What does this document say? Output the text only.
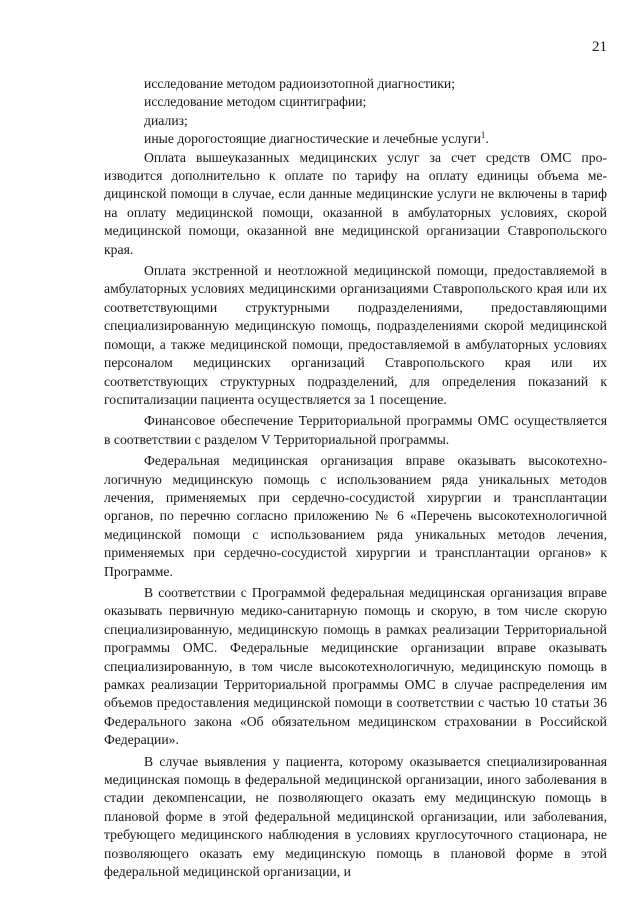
21

исследование методом радиоизотопной диагностики;

исследование методом сцинтиграфии;

диализ;

иные дорогостоящие диагностические и лечебные услуги$^1$.

Оплата вышеуказанных медицинских услуг за счет средств ОМС производится дополнительно к оплате по тарифу на оплату единицы объема медицинской помощи в случае, если данные медицинские услуги не включены в тариф на оплату медицинской помощи, оказанной в амбулаторных условиях, скорой медицинской помощи, оказанной вне медицинской организации Ставропольского края.

Оплата экстренной и неотложной медицинской помощи, предоставляемой в амбулаторных условиях медицинскими организациями Ставропольского края или их соответствующими структурными подразделениями, предоставляющими специализированную медицинскую помощь, подразделениями скорой медицинской помощи, а также медицинской помощи, предоставляемой в амбулаторных условиях персоналом медицинских организаций Ставропольского края или их соответствующих структурных подразделений, для определения показаний к госпитализации пациента осуществляется за 1 посещение.

Финансовое обеспечение Территориальной программы ОМС осуществляется в соответствии с разделом V Территориальной программы.

Федеральная медицинская организация вправе оказывать высокотехнологичную медицинскую помощь с использованием ряда уникальных методов лечения, применяемых при сердечно-сосудистой хирургии и трансплантации органов, по перечню согласно приложению № 6 «Перечень высокотехнологичной медицинской помощи с использованием ряда уникальных методов лечения, применяемых при сердечно-сосудистой хирургии и трансплантации органов» к Программе.

В соответствии с Программой федеральная медицинская организация вправе оказывать первичную медико-санитарную помощь и скорую, в том числе скорую специализированную, медицинскую помощь в рамках реализации Территориальной программы ОМС. Федеральные медицинские организации вправе оказывать специализированную, в том числе высокотехнологичную, медицинскую помощь в рамках реализации Территориальной программы ОМС в случае распределения им объемов предоставления медицинской помощи в соответствии с частью 10 статьи 36 Федерального закона «Об обязательном медицинском страховании в Российской Федерации».

В случае выявления у пациента, которому оказывается специализированная медицинская помощь в федеральной медицинской организации, иного заболевания в стадии декомпенсации, не позволяющего оказать ему медицинскую помощь в плановой форме в этой федеральной медицинской организации, или заболевания, требующего медицинского наблюдения в условиях круглосуточного стационара, не позволяющего оказать ему медицинскую помощь в плановой форме в этой федеральной медицинской организации, и
